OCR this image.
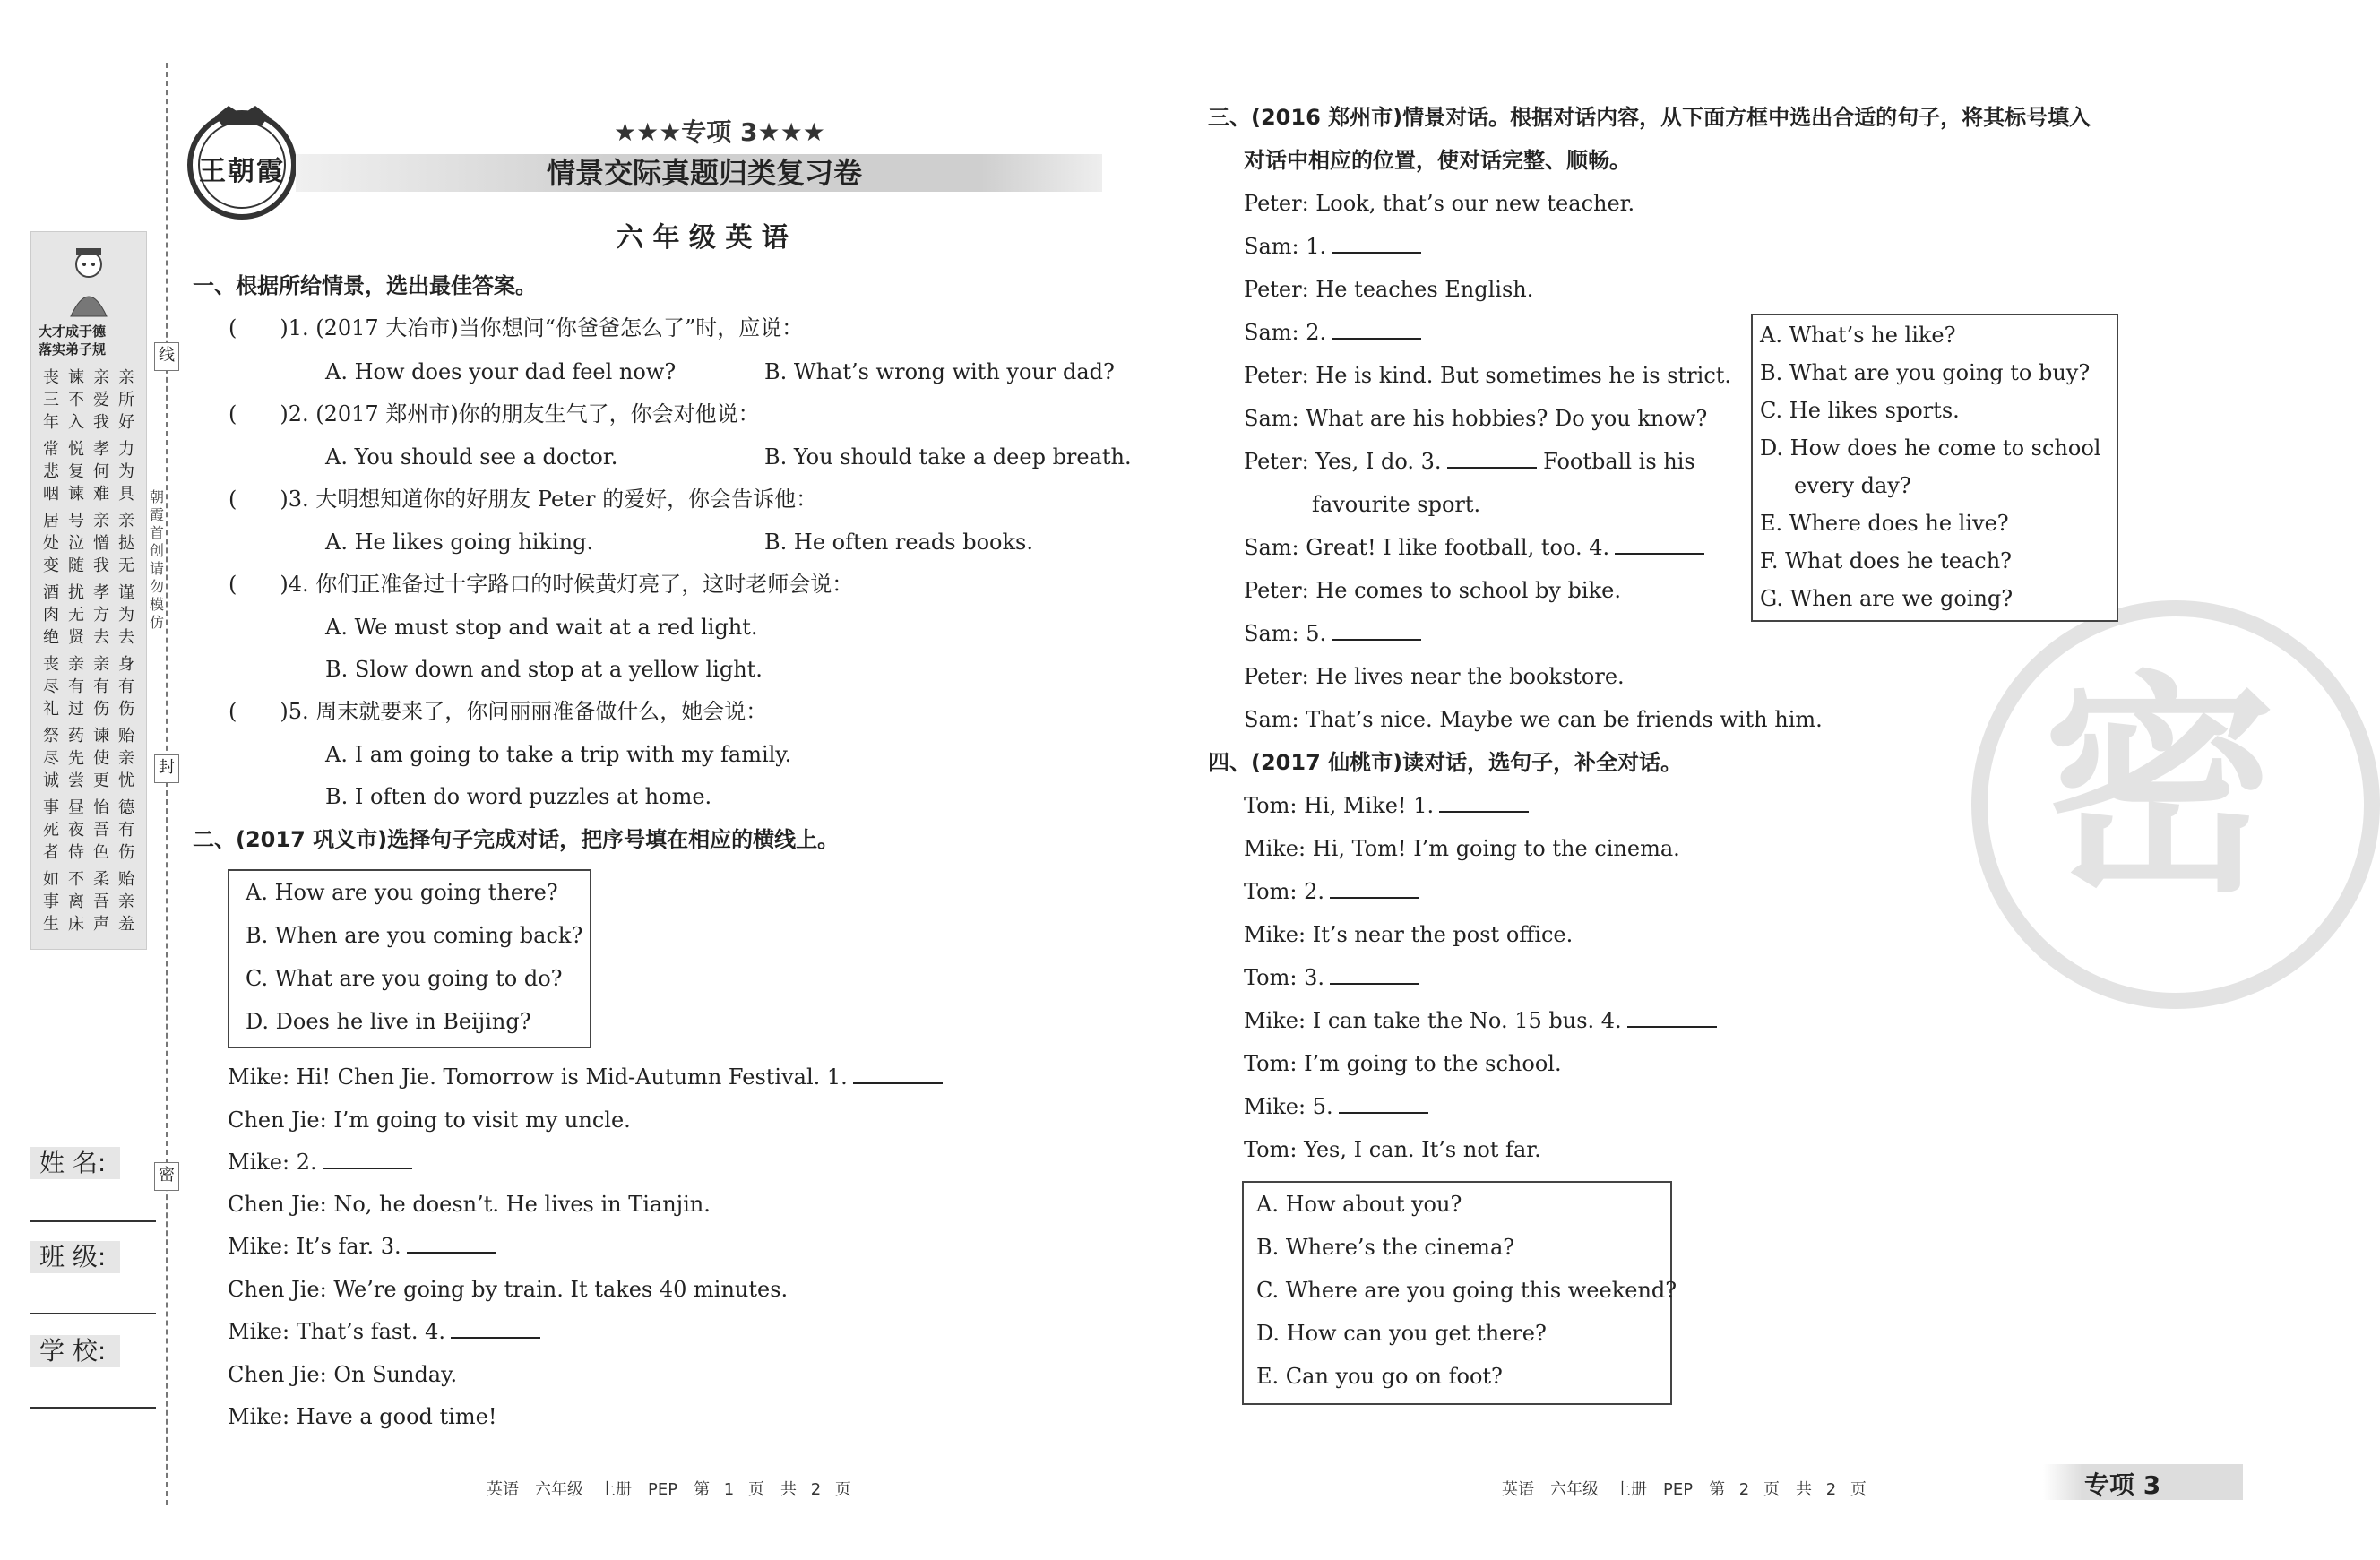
大才成于德
落实弟子规
丧三年
谏不入
亲爱我
亲所好
常悲咽
悦复谏
孝何难
力为具
居处变
号泣随
亲憎我
亲挞无
酒肉绝
扰无贤
孝方去
谨为去
丧尽礼
亲有过
亲有伤
身有伤
祭尽诚
药先尝
谏使更
贻亲忧
事死者
昼夜侍
怡吾色
德有伤
如事生
不离床
柔吾声
贻亲羞
姓 名:
班 级:
学 校:
线
封
密
朝霞首创
请勿模仿
王朝霞
★★★专项 3★★★
情景交际真题归类复习卷
六 年 级 英 语
一、根据所给情景，选出最佳答案。
(　　)1. (2017 大冶市)当你想问“你爸爸怎么了”时，应说：
A. How does your dad feel now?	B. What’s wrong with your dad?
(　　)2. (2017 郑州市)你的朋友生气了，你会对他说：
A. You should see a doctor.	B. You should take a deep breath.
(　　)3. 大明想知道你的好朋友 Peter 的爱好，你会告诉他：
A. He likes going hiking.	B. He often reads books.
(　　)4. 你们正准备过十字路口的时候黄灯亮了，这时老师会说：
A. We must stop and wait at a red light.
B. Slow down and stop at a yellow light.
(　　)5. 周末就要来了，你问丽丽准备做什么，她会说：
A. I am going to take a trip with my family.
B. I often do word puzzles at home.
二、(2017 巩义市)选择句子完成对话，把序号填在相应的横线上。
A. How are you going there?
B. When are you coming back?
C. What are you going to do?
D. Does he live in Beijing?
Mike: Hi! Chen Jie. Tomorrow is Mid-Autumn Festival. 1.
Chen Jie: I’m going to visit my uncle.
Mike: 2.
Chen Jie: No, he doesn’t. He lives in Tianjin.
Mike: It’s far. 3.
Chen Jie: We’re going by train. It takes 40 minutes.
Mike: That’s fast. 4.
Chen Jie: On Sunday.
Mike: Have a good time!
英语　六年级　上册　PEP　第 1 页　共 2 页
密
三、(2016 郑州市)情景对话。根据对话内容，从下面方框中选出合适的句子，将其标号填入
对话中相应的位置，使对话完整、顺畅。
Peter: Look, that’s our new teacher.
Sam: 1.
Peter: He teaches English.
Sam: 2.
Peter: He is kind. But sometimes he is strict.
Sam: What are his hobbies? Do you know?
Peter: Yes, I do. 3.	Football is his
favourite sport.
Sam: Great! I like football, too. 4.
Peter: He comes to school by bike.
Sam: 5.
Peter: He lives near the bookstore.
Sam: That’s nice. Maybe we can be friends with him.
A. What’s he like?
B. What are you going to buy?
C. He likes sports.
D. How does he come to school
every day?
E. Where does he live?
F. What does he teach?
G. When are we going?
四、(2017 仙桃市)读对话，选句子，补全对话。
Tom: Hi, Mike! 1.
Mike: Hi, Tom! I’m going to the cinema.
Tom: 2.
Mike: It’s near the post office.
Tom: 3.
Mike: I can take the No. 15 bus. 4.
Tom: I’m going to the school.
Mike: 5.
Tom: Yes, I can. It’s not far.
A. How about you?
B. Where’s the cinema?
C. Where are you going this weekend?
D. How can you get there?
E. Can you go on foot?
英语　六年级　上册　PEP　第 2 页　共 2 页	专项 3
